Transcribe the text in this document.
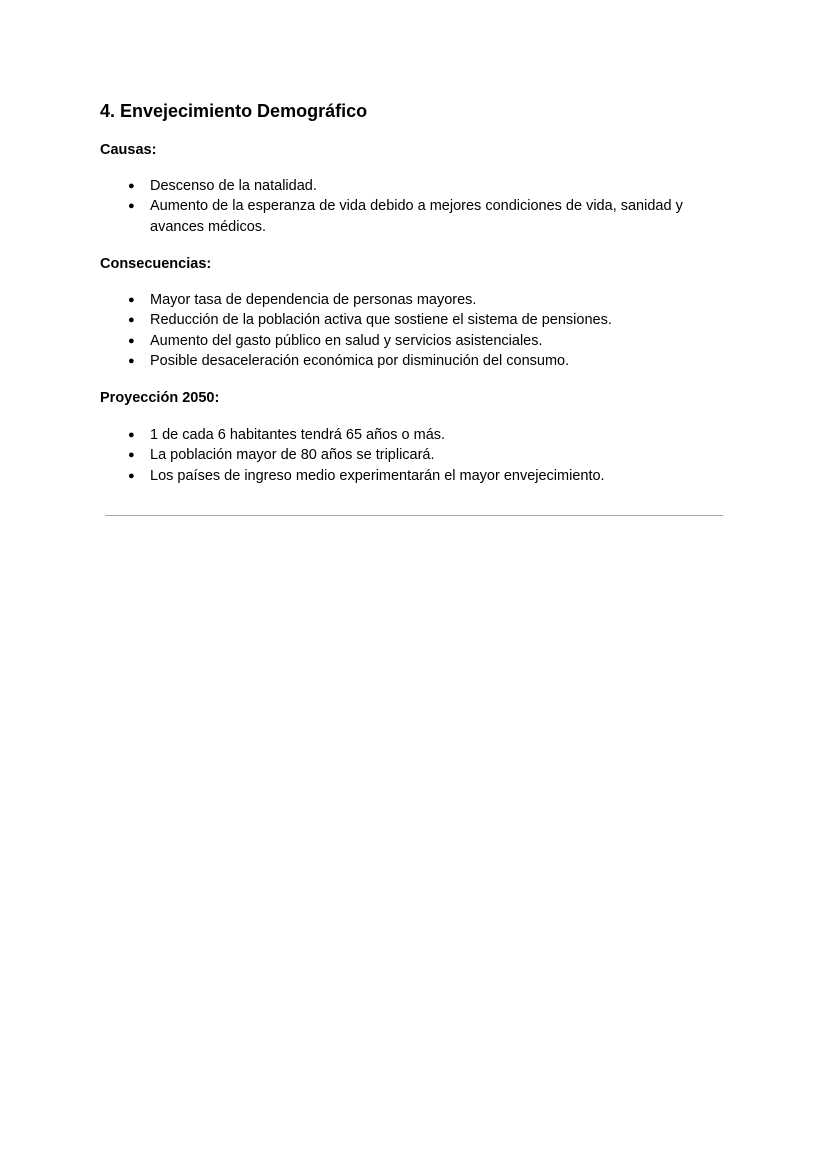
4. Envejecimiento Demográfico

Causas:

● Descenso de la natalidad.
● Aumento de la esperanza de vida debido a mejores condiciones de vida, sanidad y avances médicos.

Consecuencias:

● Mayor tasa de dependencia de personas mayores.
● Reducción de la población activa que sostiene el sistema de pensiones.
● Aumento del gasto público en salud y servicios asistenciales.
● Posible desaceleración económica por disminución del consumo.

Proyección 2050:

● 1 de cada 6 habitantes tendrá 65 años o más.
● La población mayor de 80 años se triplicará.
● Los países de ingreso medio experimentarán el mayor envejecimiento.
